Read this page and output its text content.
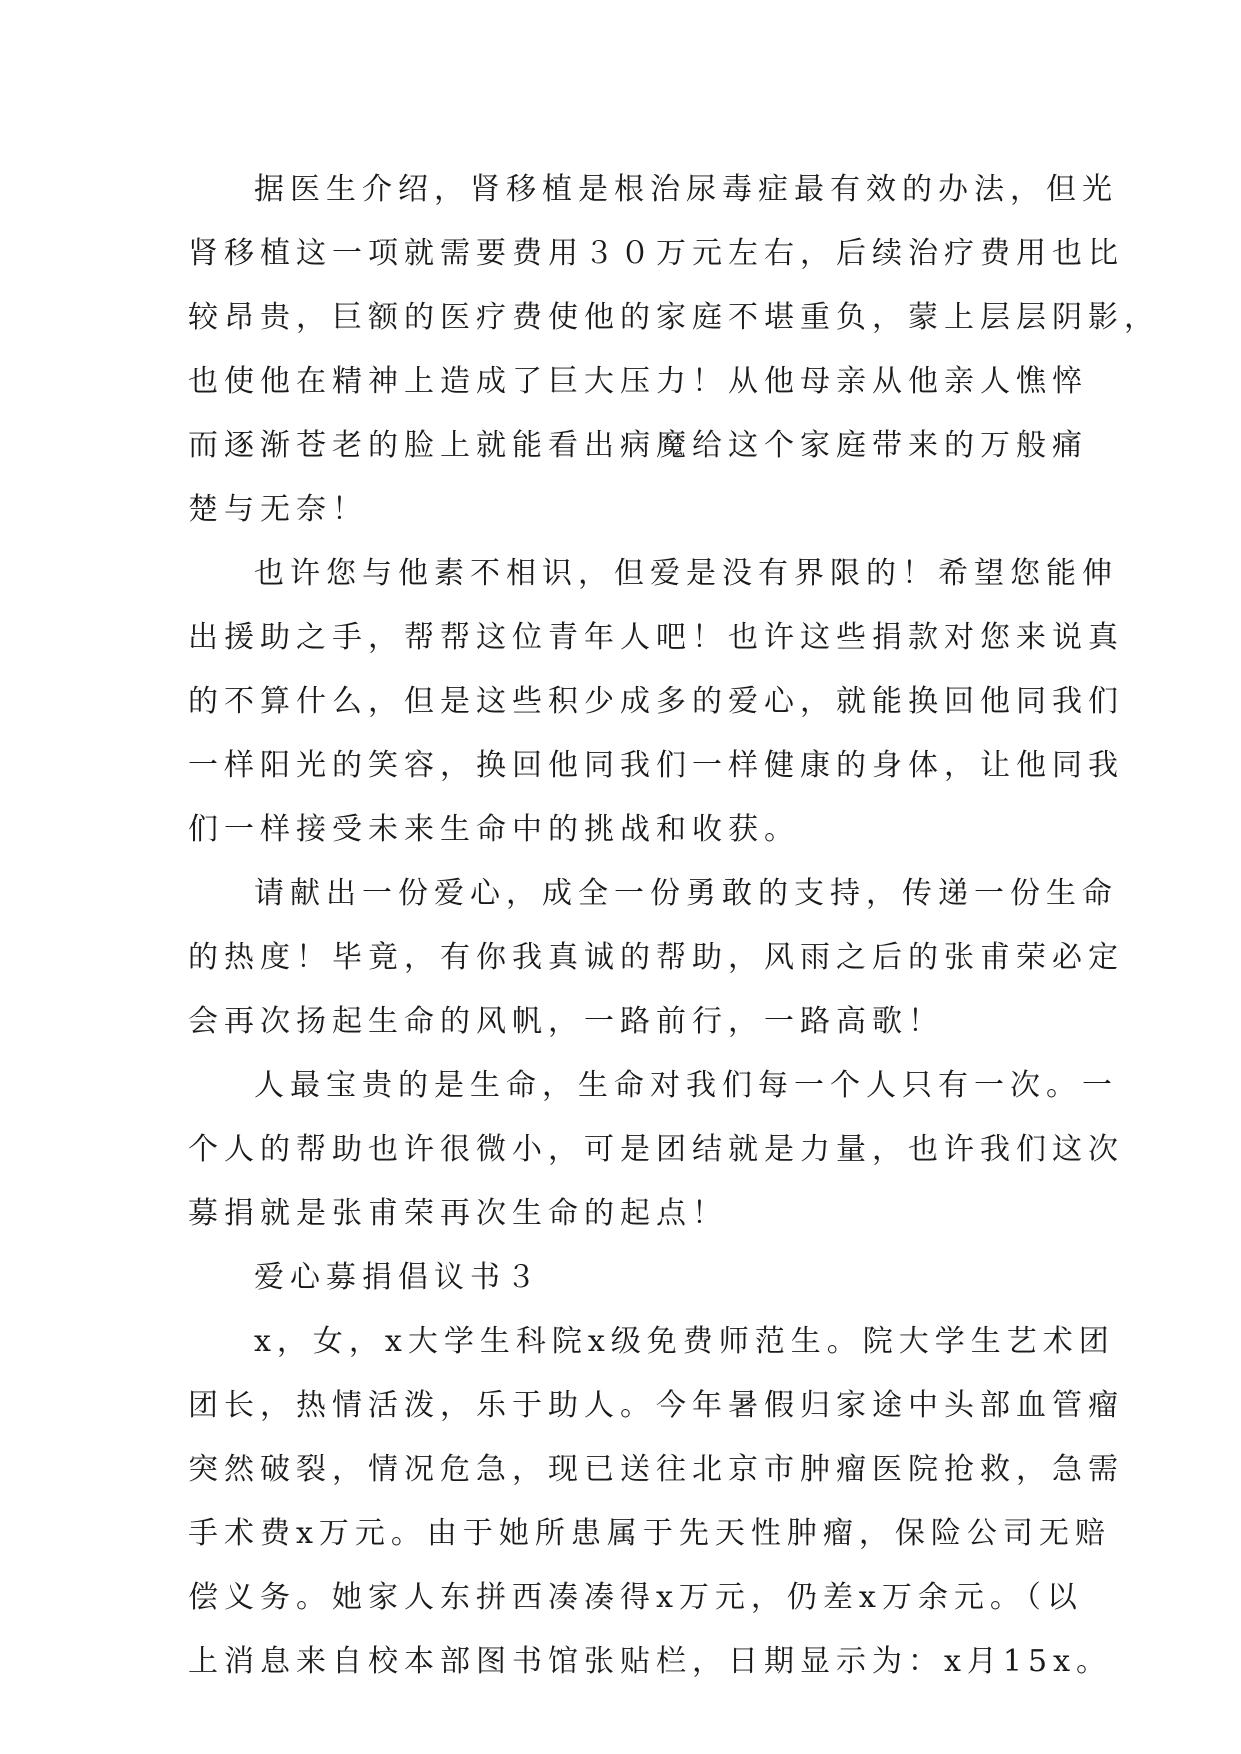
据医生介绍，肾移植是根治尿毒症最有效的办法，但光
肾移植这一项就需要费用３０万元左右，后续治疗费用也比
较昂贵，巨额的医疗费使他的家庭不堪重负，蒙上层层阴影，
也使他在精神上造成了巨大压力！从他母亲从他亲人憔悴
而逐渐苍老的脸上就能看出病魔给这个家庭带来的万般痛
楚与无奈！
也许您与他素不相识，但爱是没有界限的！希望您能伸
出援助之手，帮帮这位青年人吧！也许这些捐款对您来说真
的不算什么，但是这些积少成多的爱心，就能换回他同我们
一样阳光的笑容，换回他同我们一样健康的身体，让他同我
们一样接受未来生命中的挑战和收获。
请献出一份爱心，成全一份勇敢的支持，传递一份生命
的热度！毕竟，有你我真诚的帮助，风雨之后的张甫荣必定
会再次扬起生命的风帆，一路前行，一路高歌！
人最宝贵的是生命，生命对我们每一个人只有一次。一
个人的帮助也许很微小，可是团结就是力量，也许我们这次
募捐就是张甫荣再次生命的起点！
爱心募捐倡议书３
x，女，x大学生科院x级免费师范生。院大学生艺术团
团长，热情活泼，乐于助人。今年暑假归家途中头部血管瘤
突然破裂，情况危急，现已送往北京市肿瘤医院抢救，急需
手术费x万元。由于她所患属于先天性肿瘤，保险公司无赔
偿义务。她家人东拼西凑凑得x万元，仍差x万余元。（以
上消息来自校本部图书馆张贴栏，日期显示为：x月15x。
